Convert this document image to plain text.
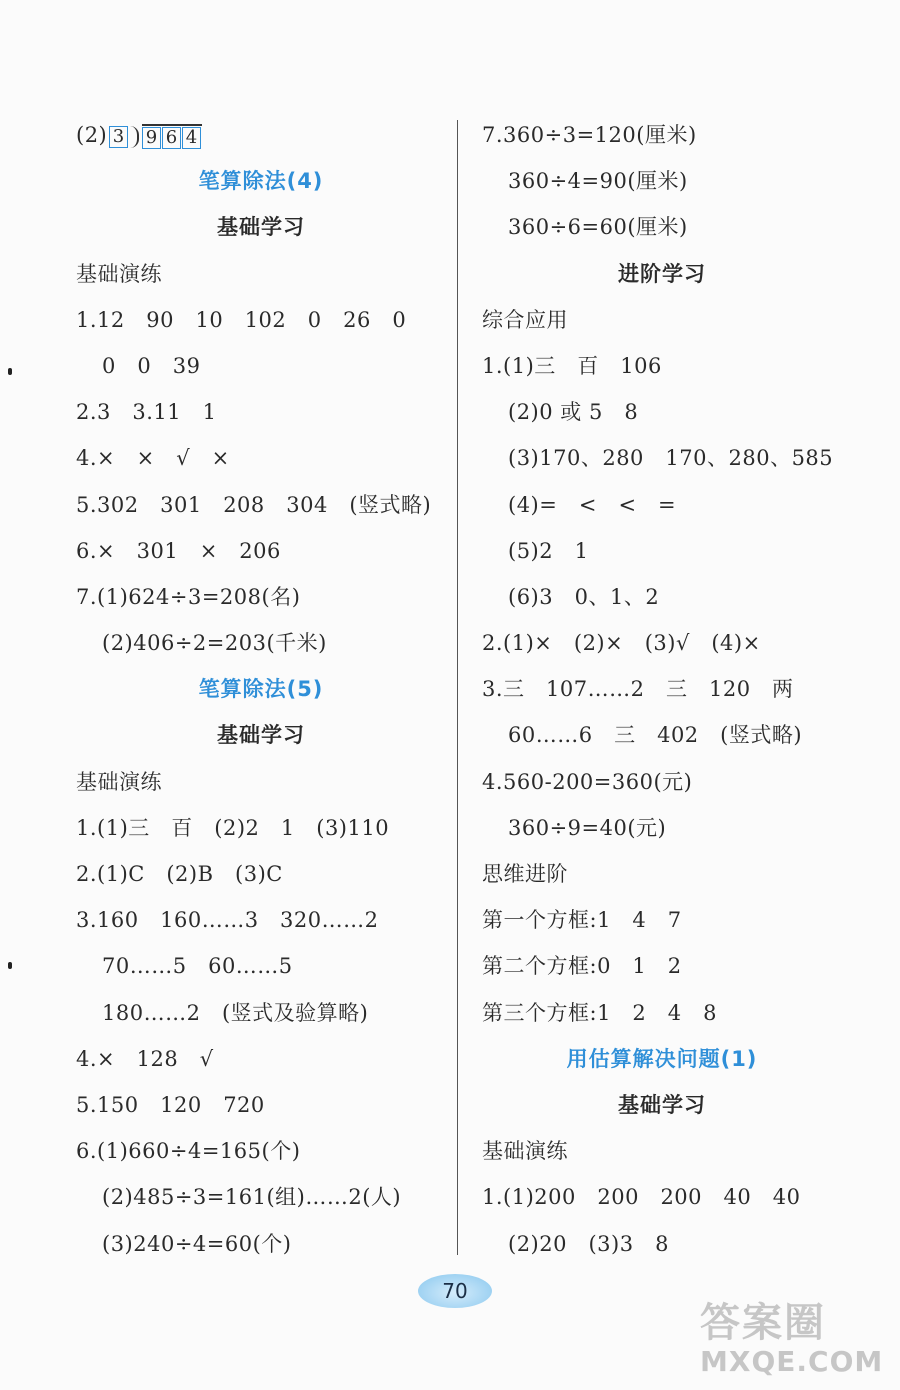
(2) 3 9 6 4
笔算除法(4)
基础学习
基础演练
1.12　90　10　102　0　26　0
0　0　39
2.3　3.11　1
4.×　×　√　×
5.302　301　208　304　(竖式略)
6.×　301　×　206
7.(1)624÷3=208(名)
(2)406÷2=203(千米)
笔算除法(5)
基础学习
基础演练
1.(1)三　百　(2)2　1　(3)110
2.(1)C　(2)B　(3)C
3.160　160……3　320……2
70……5　60……5
180……2　(竖式及验算略)
4.×　128　√
5.150　120　720
6.(1)660÷4=165(个)
(2)485÷3=161(组)……2(人)
(3)240÷4=60(个)
7.360÷3=120(厘米)
360÷4=90(厘米)
360÷6=60(厘米)
进阶学习
综合应用
1.(1)三　百　106
(2)0 或 5　8
(3)170、280　170、280、585
(4)=　<　<　=
(5)2　1
(6)3　0、1、2
2.(1)×　(2)×　(3)√　(4)×
3.三　107……2　三　120　两
60……6　三　402　(竖式略)
4.560-200=360(元)
360÷9=40(元)
思维进阶
第一个方框:1　4　7
第二个方框:0　1　2
第三个方框:1　2　4　8
用估算解决问题(1)
基础学习
基础演练
1.(1)200　200　200　40　40
(2)20　(3)3　8
70
答案圈
MXQE.COM
